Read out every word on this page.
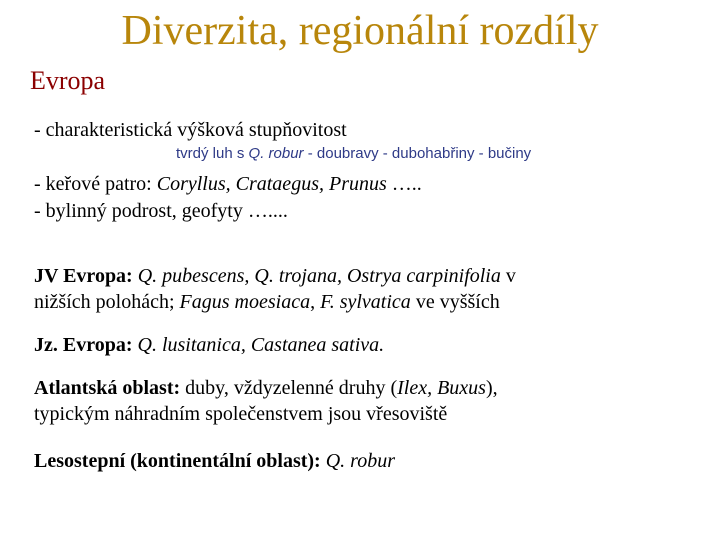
Diverzita, regionální rozdíly
Evropa
- charakteristická výšková stupňovitost
tvrdý luh s Q. robur - doubravy - dubohabřiny - bučiny
- keřové patro: Coryllus, Crataegus, Prunus …..
- bylinný podrost, geofyty …....
JV Evropa: Q. pubescens, Q. trojana, Ostrya carpinifolia v
nižších polohách; Fagus moesiaca, F. sylvatica ve vyšších
Jz. Evropa: Q. lusitanica, Castanea sativa.
Atlantská oblast: duby, vždyzelenné druhy (Ilex, Buxus),
typickým náhradním společenstvem jsou vřesoviště
Lesostepní (kontinentální oblast): Q. robur
